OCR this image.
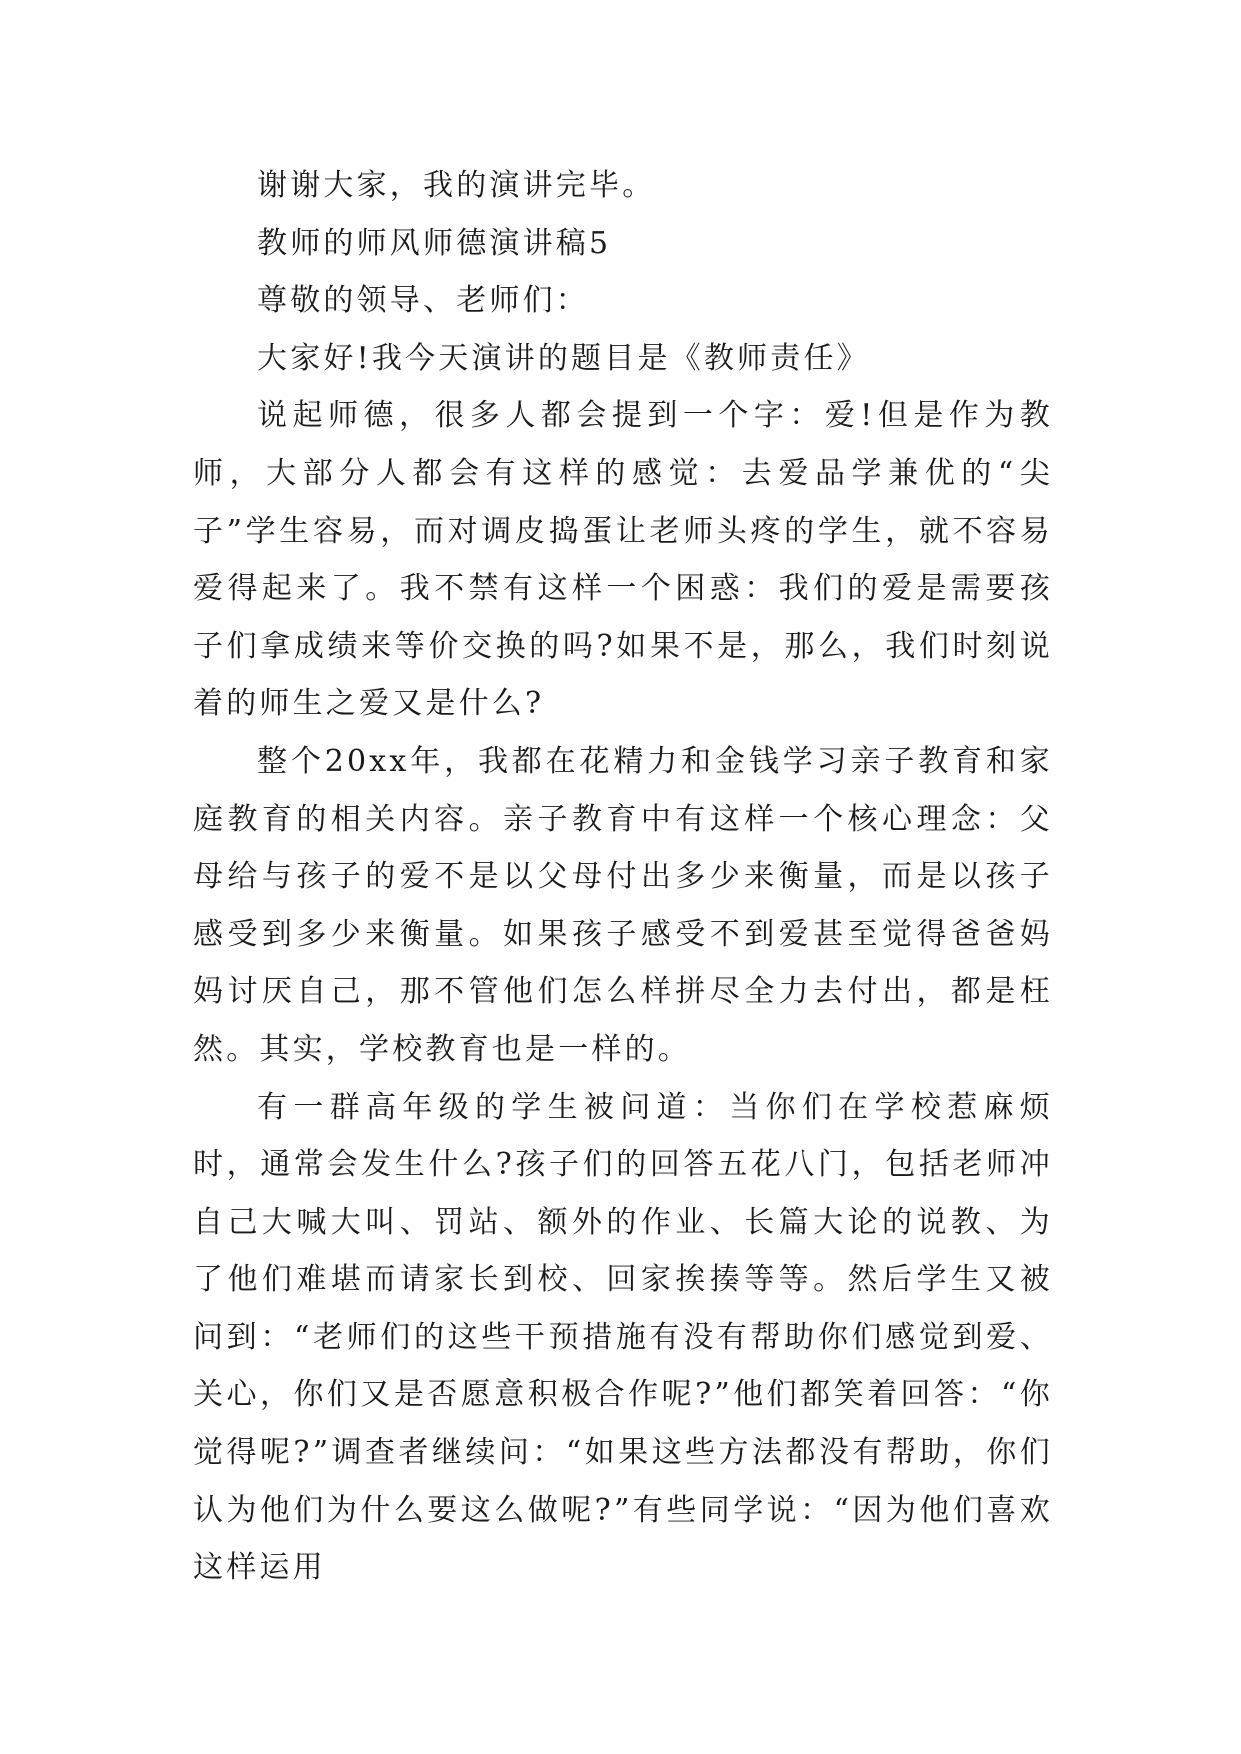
谢谢大家，我的演讲完毕。

教师的师风师德演讲稿5

尊敬的领导、老师们：

大家好!我今天演讲的题目是《教师责任》

说起师德，很多人都会提到一个字：爱!但是作为教师，大部分人都会有这样的感觉：去爱品学兼优的“尖子”学生容易，而对调皮捣蛋让老师头疼的学生，就不容易爱得起来了。我不禁有这样一个困惑：我们的爱是需要孩子们拿成绩来等价交换的吗?如果不是，那么，我们时刻说着的师生之爱又是什么?

整个20xx年，我都在花精力和金钱学习亲子教育和家庭教育的相关内容。亲子教育中有这样一个核心理念：父母给与孩子的爱不是以父母付出多少来衡量，而是以孩子感受到多少来衡量。如果孩子感受不到爱甚至觉得爸爸妈妈讨厌自己，那不管他们怎么样拼尽全力去付出，都是枉然。其实，学校教育也是一样的。

有一群高年级的学生被问道：当你们在学校惹麻烦时，通常会发生什么?孩子们的回答五花八门，包括老师冲自己大喊大叫、罚站、额外的作业、长篇大论的说教、为了他们难堪而请家长到校、回家挨揍等等。然后学生又被问到：“老师们的这些干预措施有没有帮助你们感觉到爱、关心，你们又是否愿意积极合作呢?”他们都笑着回答：“你觉得呢?”调查者继续问：“如果这些方法都没有帮助，你们认为他们为什么要这么做呢?”有些同学说：“因为他们喜欢这样运用
